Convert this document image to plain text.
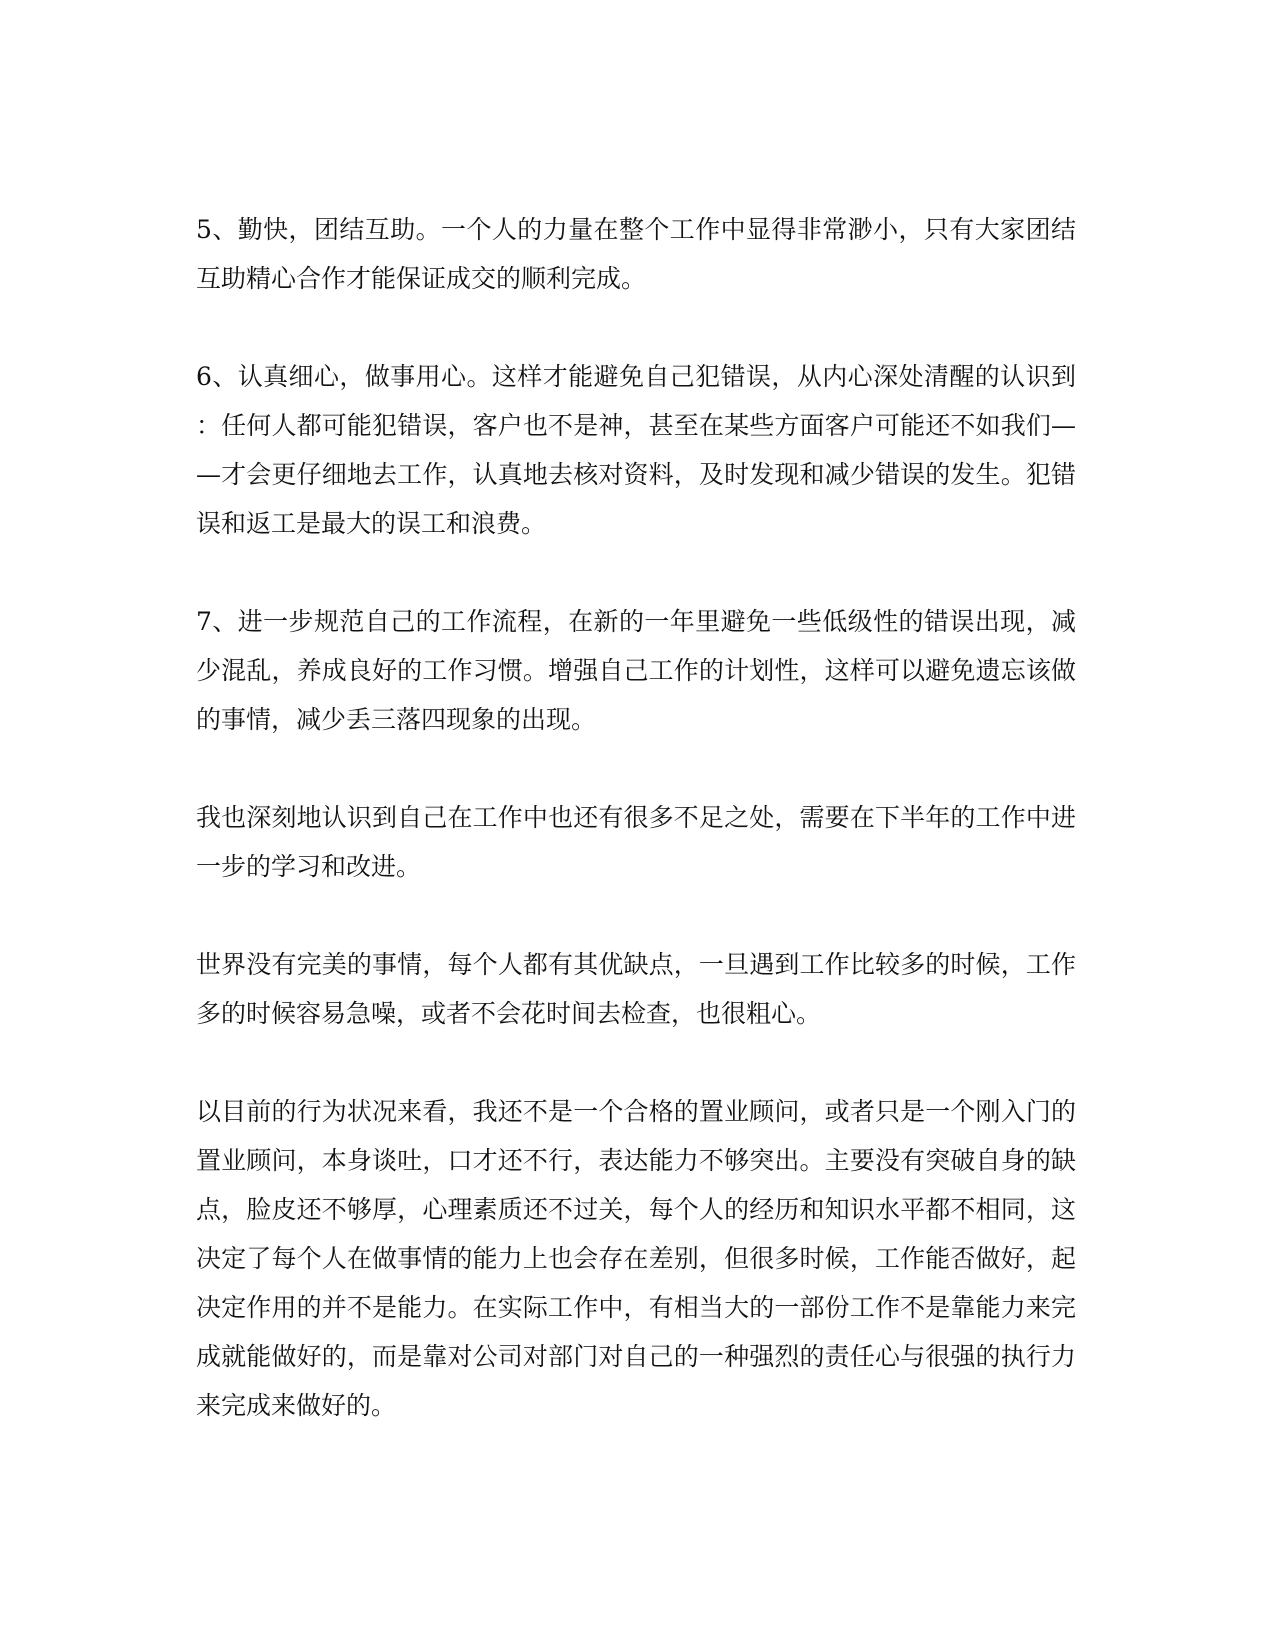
5、勤快，团结互助。一个人的力量在整个工作中显得非常渺小，只有大家团结互助精心合作才能保证成交的顺利完成。

6、认真细心，做事用心。这样才能避免自己犯错误，从内心深处清醒的认识到：任何人都可能犯错误，客户也不是神，甚至在某些方面客户可能还不如我们——才会更仔细地去工作，认真地去核对资料，及时发现和减少错误的发生。犯错误和返工是最大的误工和浪费。

7、进一步规范自己的工作流程，在新的一年里避免一些低级性的错误出现，减少混乱，养成良好的工作习惯。增强自己工作的计划性，这样可以避免遗忘该做的事情，减少丢三落四现象的出现。

我也深刻地认识到自己在工作中也还有很多不足之处，需要在下半年的工作中进一步的学习和改进。

世界没有完美的事情，每个人都有其优缺点，一旦遇到工作比较多的时候，工作多的时候容易急噪，或者不会花时间去检查，也很粗心。

以目前的行为状况来看，我还不是一个合格的置业顾问，或者只是一个刚入门的置业顾问，本身谈吐，口才还不行，表达能力不够突出。主要没有突破自身的缺点，脸皮还不够厚，心理素质还不过关，每个人的经历和知识水平都不相同，这决定了每个人在做事情的能力上也会存在差别，但很多时候，工作能否做好，起决定作用的并不是能力。在实际工作中，有相当大的一部份工作不是靠能力来完成就能做好的，而是靠对公司对部门对自己的一种强烈的责任心与很强的执行力来完成来做好的。
